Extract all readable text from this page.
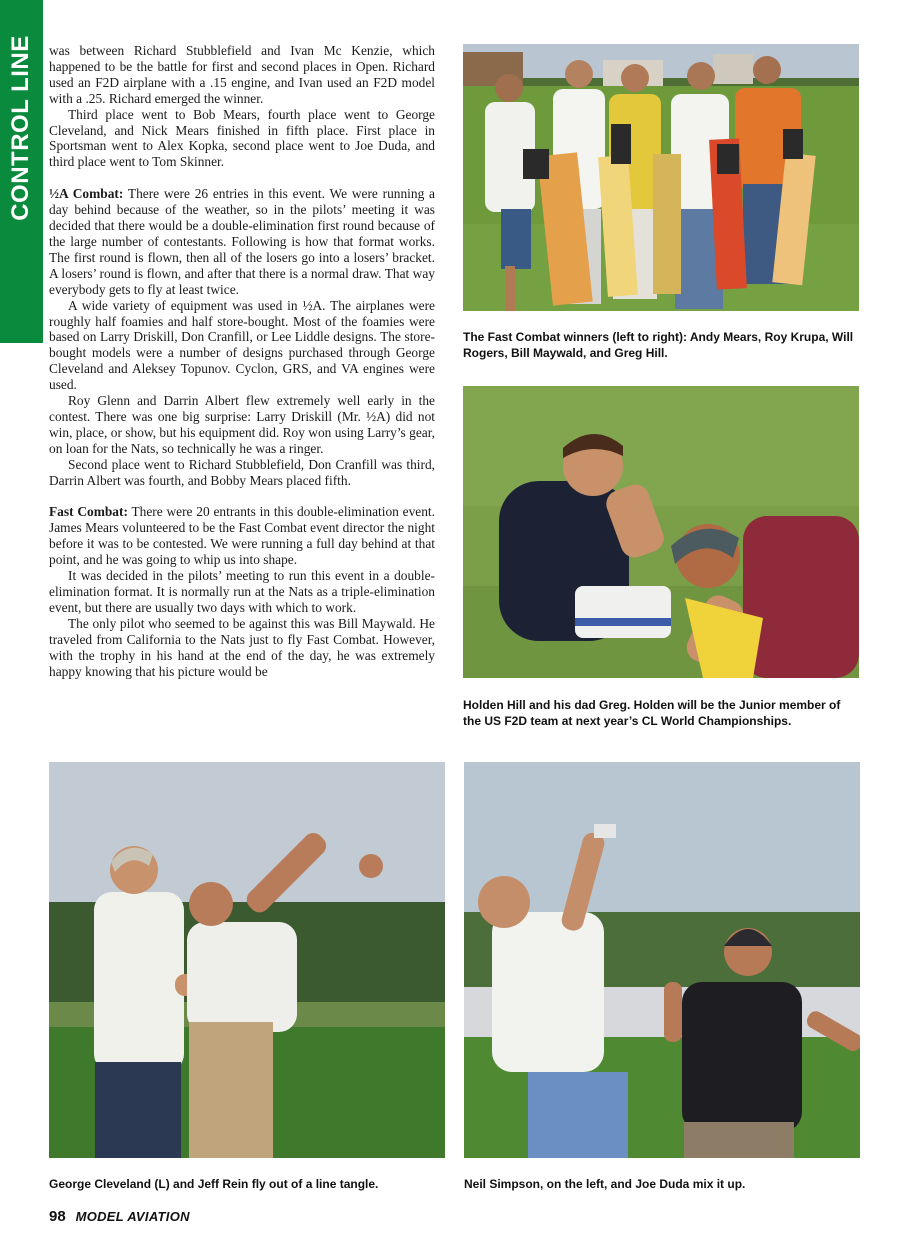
CONTROL LINE was between Richard Stubblefield and Ivan Mc Kenzie, which happened to be the battle for first and second places in Open. Richard used an F2D airplane with a .15 engine, and Ivan used an F2D model with a .25. Richard emerged the winner.

Third place went to Bob Mears, fourth place went to George Cleveland, and Nick Mears finished in fifth place. First place in Sportsman went to Alex Kopka, second place went to Joe Duda, and third place went to Tom Skinner.

½A Combat: There were 26 entries in this event. We were running a day behind because of the weather, so in the pilots’ meeting it was decided that there would be a double-elimination first round because of the large number of contestants. Following is how that format works. The first round is flown, then all of the losers go into a losers’ bracket. A losers’ round is flown, and after that there is a normal draw. That way everybody gets to fly at least twice.

A wide variety of equipment was used in ½A. The airplanes were roughly half foamies and half store-bought. Most of the foamies were based on Larry Driskill, Don Cranfill, or Lee Liddle designs. The store-bought models were a number of designs purchased through George Cleveland and Aleksey Topunov. Cyclon, GRS, and VA engines were used.

Roy Glenn and Darrin Albert flew extremely well early in the contest. There was one big surprise: Larry Driskill (Mr. ½A) did not win, place, or show, but his equipment did. Roy won using Larry’s gear, on loan for the Nats, so technically he was a ringer.

Second place went to Richard Stubblefield, Don Cranfill was third, Darrin Albert was fourth, and Bobby Mears placed fifth.

Fast Combat: There were 20 entrants in this double-elimination event. James Mears volunteered to be the Fast Combat event director the night before it was to be contested. We were running a full day behind at that point, and he was going to whip us into shape.

It was decided in the pilots’ meeting to run this event in a double-elimination format. It is normally run at the Nats as a triple-elimination event, but there are usually two days with which to work.

The only pilot who seemed to be against this was Bill Maywald. He traveled from California to the Nats just to fly Fast Combat. However, with the trophy in his hand at the end of the day, he was extremely happy knowing that his picture would be

The Fast Combat winners (left to right): Andy Mears, Roy Krupa, Will Rogers, Bill Maywald, and Greg Hill.
Holden Hill and his dad Greg. Holden will be the Junior member of the US F2D team at next year’s CL World Championships.
George Cleveland (L) and Jeff Rein fly out of a line tangle.	Neil Simpson, on the left, and Joe Duda mix it up.
98 MODEL AVIATION
